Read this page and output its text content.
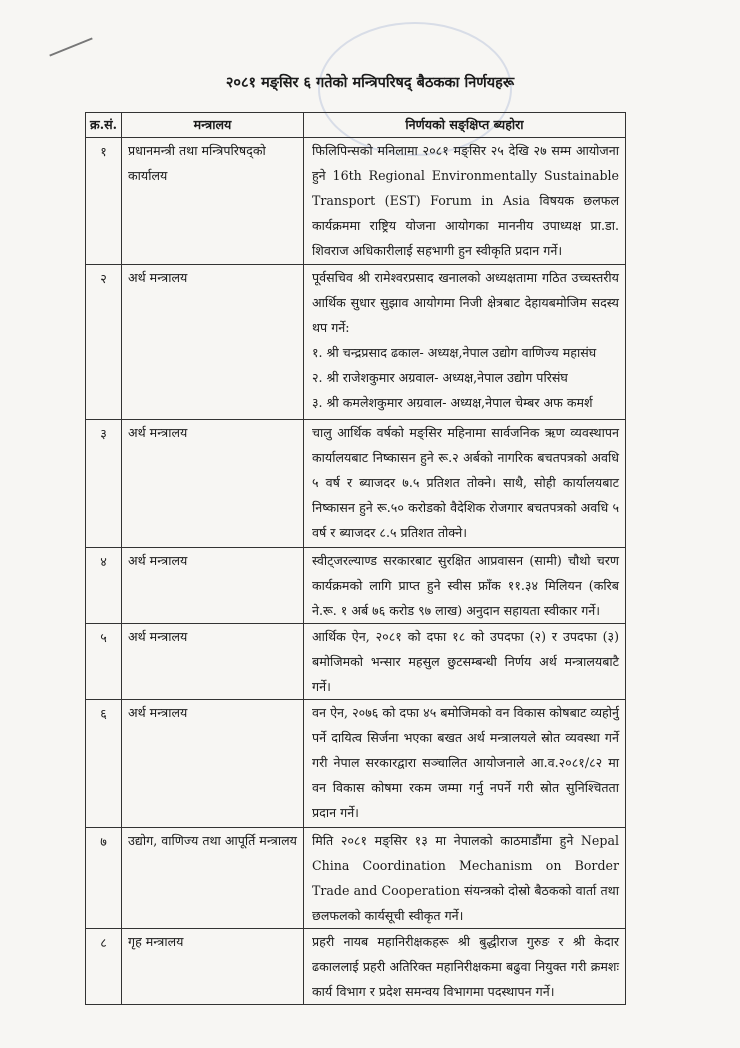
२०८१ मङ्सिर ६ गतेको मन्त्रिपरिषद् बैठकका निर्णयहरू
क्र.सं.	मन्त्रालय	निर्णयको सङ्क्षिप्त ब्यहोरा
१	प्रधानमन्त्री तथा मन्त्रिपरिषद्‌को कार्यालय	फिलिपिन्सको मनिलामा २०८१ मङ्सिर २५ देखि २७ सम्म आयोजना हुने 16th Regional Environmentally Sustainable Transport (EST) Forum in Asia विषयक छलफल कार्यक्रममा राष्ट्रिय योजना आयोगका माननीय उपाध्यक्ष प्रा.डा. शिवराज अधिकारीलाई सहभागी हुन स्वीकृति प्रदान गर्ने।

२	अर्थ मन्त्रालय	पूर्वसचिव श्री रामेश्वरप्रसाद खनालको अध्यक्षतामा गठित उच्चस्तरीय आर्थिक सुधार सुझाव आयोगमा निजी क्षेत्रबाट देहायबमोजिम सदस्य थप गर्ने:
१. श्री चन्द्रप्रसाद ढकाल- अध्यक्ष,नेपाल उद्योग वाणिज्य महासंघ
२. श्री राजेशकुमार अग्रवाल- अध्यक्ष,नेपाल उद्योग परिसंघ
३. श्री कमलेशकुमार अग्रवाल- अध्यक्ष,नेपाल चेम्बर अफ कमर्श

३	अर्थ मन्त्रालय	चालु आर्थिक वर्षको मङ्सिर महिनामा सार्वजनिक ऋण व्यवस्थापन कार्यालयबाट निष्कासन हुने रू.२ अर्बको नागरिक बचतपत्रको अवधि ५ वर्ष र ब्याजदर ७.५ प्रतिशत तोक्ने। साथै, सोही कार्यालयबाट निष्कासन हुने रू.५० करोडको वैदेशिक रोजगार बचतपत्रको अवधि ५ वर्ष र ब्याजदर ८.५ प्रतिशत तोक्ने।

४	अर्थ मन्त्रालय	स्वीट्जरल्याण्ड सरकारबाट सुरक्षित आप्रवासन (सामी) चौथो चरण कार्यक्रमको लागि प्राप्त हुने स्वीस फ्राँक ११.३४ मिलियन (करिब ने.रू. १ अर्ब ७६ करोड ९७ लाख) अनुदान सहायता स्वीकार गर्ने।

५	अर्थ मन्त्रालय	आर्थिक ऐन, २०८१ को दफा १८ को उपदफा (२) र उपदफा (३) बमोजिमको भन्सार महसुल छुटसम्बन्धी निर्णय अर्थ मन्त्रालयबाटै गर्ने।

६	अर्थ मन्त्रालय	वन ऐन, २०७६ को दफा ४५ बमोजिमको वन विकास कोषबाट व्यहोर्नु पर्ने दायित्व सिर्जना भएका बखत अर्थ मन्त्रालयले स्रोत व्यवस्था गर्ने गरी नेपाल सरकारद्वारा सञ्चालित आयोजनाले आ.व.२०८१/८२ मा वन विकास कोषमा रकम जम्मा गर्नु नपर्ने गरी स्रोत सुनिश्चितता प्रदान गर्ने।

७	उद्योग, वाणिज्य तथा आपूर्ति मन्त्रालय	मिति २०८१ मङ्सिर १३ मा नेपालको काठमाडौंमा हुने Nepal China Coordination Mechanism on Border Trade and Cooperation संयन्त्रको दोस्रो बैठकको वार्ता तथा छलफलको कार्यसूची स्वीकृत गर्ने।

८	गृह मन्त्रालय	प्रहरी नायब महानिरीक्षकहरू श्री बुद्धीराज गुरुङ र श्री केदार ढकाललाई प्रहरी अतिरिक्त महानिरीक्षकमा बढुवा नियुक्त गरी क्रमशः कार्य विभाग र प्रदेश समन्वय विभागमा पदस्थापन गर्ने।
